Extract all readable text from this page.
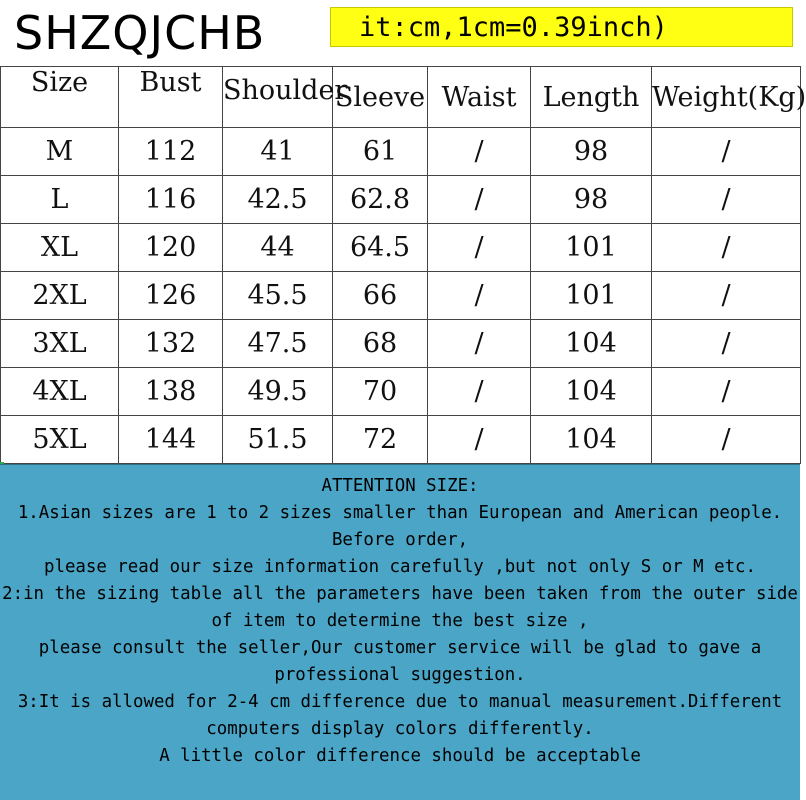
Size	Bust	Shoulder	Sleeve	Waist	Length	Weight(Kg)

M	112	41	61	/	98	/
L	116	42.5	62.8	/	98	/
XL	120	44	64.5	/	101	/
2XL	126	45.5	66	/	101	/
3XL	132	47.5	68	/	104	/
4XL	138	49.5	70	/	104	/
5XL	144	51.5	72	/	104	/
SHZQJCHB	it:cm,1cm=0.39inch)

ATTENTION SIZE:

1.Asian sizes are 1 to 2 sizes smaller than European and American people. Before order,

please read our size information carefully ,but not only S or M etc.

2:in the sizing table all the parameters have been taken from the outer side of item to determine the best size ,

please consult the seller,Our customer service will be glad to gave a professional suggestion.

3:It is allowed for 2-4 cm difference due to manual measurement.Different computers display colors differently.

A little color difference should be acceptable
